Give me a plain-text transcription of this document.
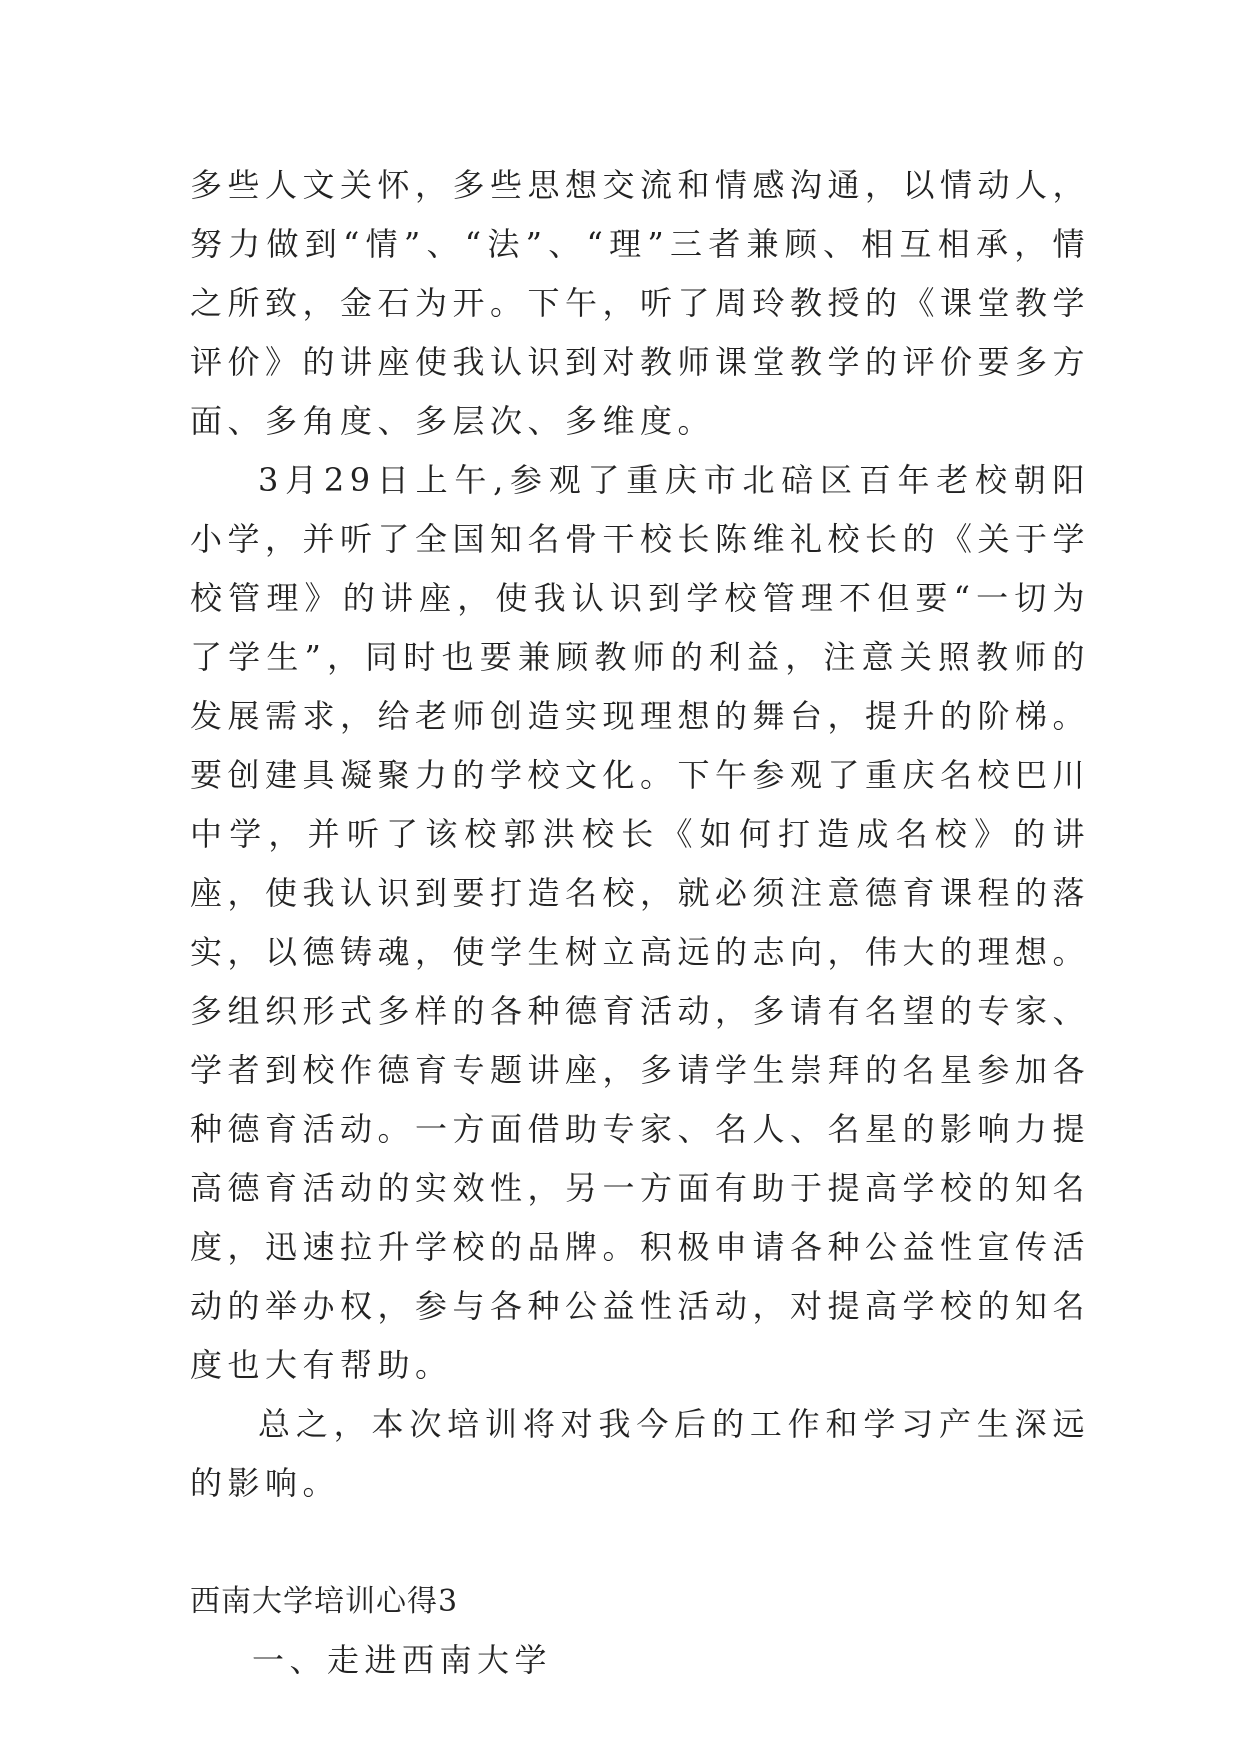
多些人文关怀，多些思想交流和情感沟通，以情动人，努力做到“情”、“法”、“理”三者兼顾、相互相承，情之所致，金石为开。下午，听了周玲教授的《课堂教学评价》的讲座使我认识到对教师课堂教学的评价要多方面、多角度、多层次、多维度。

3月29日上午,参观了重庆市北碚区百年老校朝阳小学，并听了全国知名骨干校长陈维礼校长的《关于学校管理》的讲座，使我认识到学校管理不但要“一切为了学生”，同时也要兼顾教师的利益，注意关照教师的发展需求，给老师创造实现理想的舞台，提升的阶梯。要创建具凝聚力的学校文化。下午参观了重庆名校巴川中学，并听了该校郭洪校长《如何打造成名校》的讲座，使我认识到要打造名校，就必须注意德育课程的落实，以德铸魂，使学生树立高远的志向，伟大的理想。多组织形式多样的各种德育活动，多请有名望的专家、学者到校作德育专题讲座，多请学生崇拜的名星参加各种德育活动。一方面借助专家、名人、名星的影响力提高德育活动的实效性，另一方面有助于提高学校的知名度，迅速拉升学校的品牌。积极申请各种公益性宣传活动的举办权，参与各种公益性活动，对提高学校的知名度也大有帮助。

总之，本次培训将对我今后的工作和学习产生深远的影响。

西南大学培训心得3

一、走进西南大学
